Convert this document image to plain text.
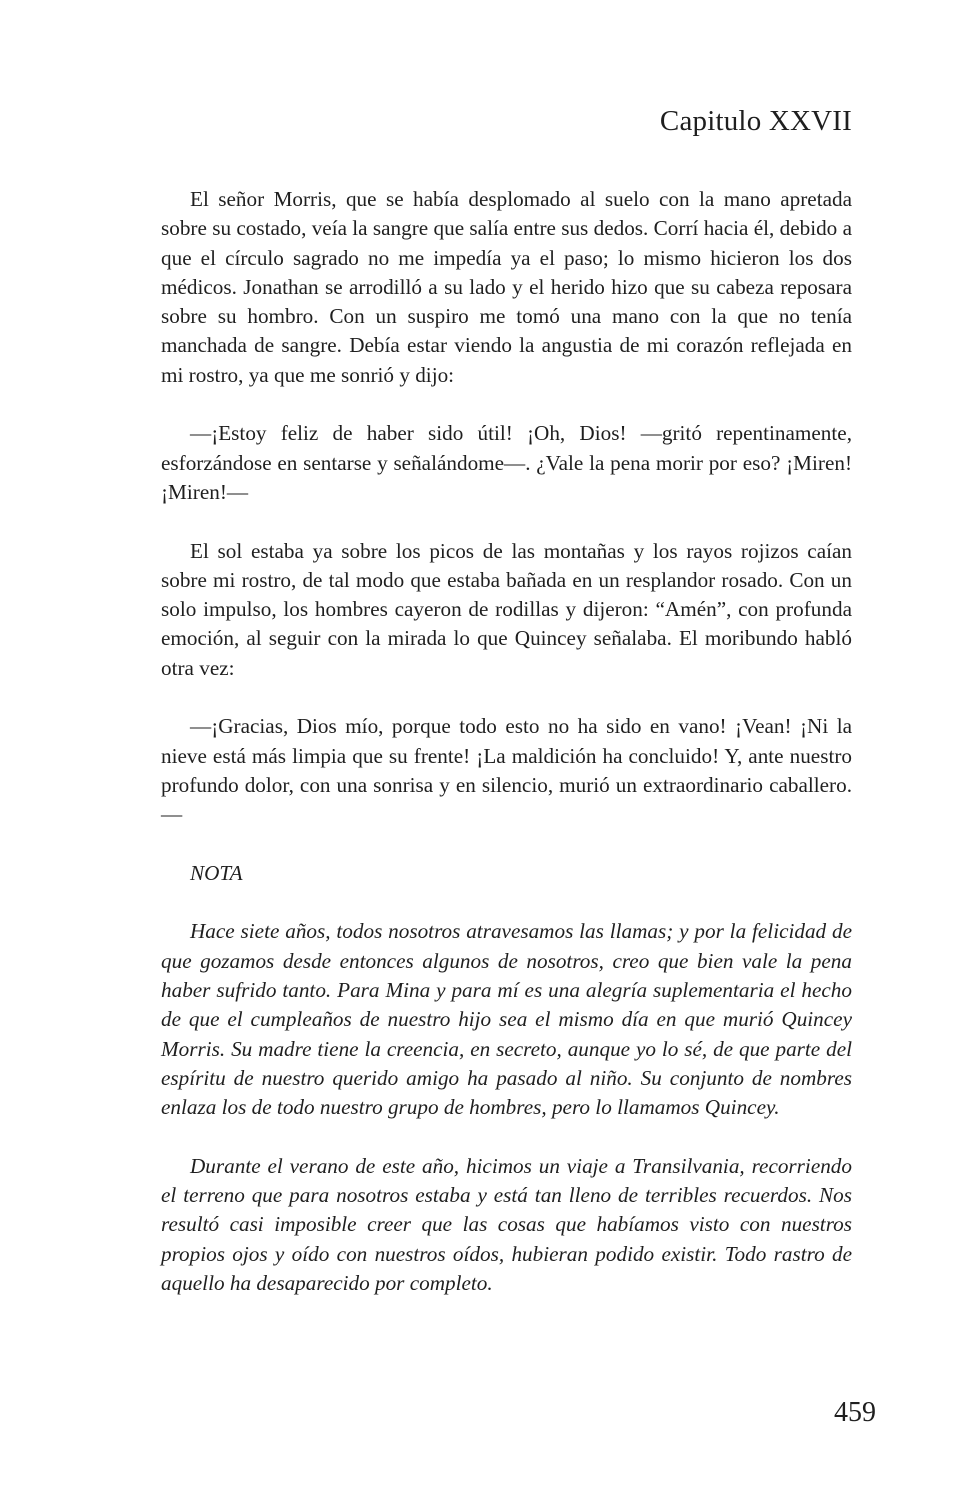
Capitulo XXVII

El señor Morris, que se había desplomado al suelo con la mano apretada sobre su costado, veía la sangre que salía entre sus dedos. Corrí hacia él, debido a que el círculo sagrado no me impedía ya el paso; lo mismo hicieron los dos médicos. Jonathan se arrodilló a su lado y el herido hizo que su cabeza reposara sobre su hombro. Con un suspiro me tomó una mano con la que no tenía manchada de sangre. Debía estar viendo la angustia de mi corazón reflejada en mi rostro, ya que me sonrió y dijo:

—¡Estoy feliz de haber sido útil! ¡Oh, Dios! —gritó repentinamente, esforzándose en sentarse y señalándome—. ¿Vale la pena morir por eso? ¡Miren! ¡Miren!—

El sol estaba ya sobre los picos de las montañas y los rayos rojizos caían sobre mi rostro, de tal modo que estaba bañada en un resplandor rosado. Con un solo impulso, los hombres cayeron de rodillas y dijeron: “Amén”, con profunda emoción, al seguir con la mirada lo que Quincey señalaba. El moribundo habló otra vez:

—¡Gracias, Dios mío, porque todo esto no ha sido en vano! ¡Vean! ¡Ni la nieve está más limpia que su frente! ¡La maldición ha concluido! Y, ante nuestro profundo dolor, con una sonrisa y en silencio, murió un extraordinario caballero.—

NOTA

Hace siete años, todos nosotros atravesamos las llamas; y por la felicidad de que gozamos desde entonces algunos de nosotros, creo que bien vale la pena haber sufrido tanto. Para Mina y para mí es una alegría suplementaria el hecho de que el cumpleaños de nuestro hijo sea el mismo día en que murió Quincey Morris. Su madre tiene la creencia, en secreto, aunque yo lo sé, de que parte del espíritu de nuestro querido amigo ha pasado al niño. Su conjunto de nombres enlaza los de todo nuestro grupo de hombres, pero lo llamamos Quincey.

Durante el verano de este año, hicimos un viaje a Transilvania, recorriendo el terreno que para nosotros estaba y está tan lleno de terribles recuerdos. Nos resultó casi imposible creer que las cosas que habíamos visto con nuestros propios ojos y oído con nuestros oídos, hubieran podido existir. Todo rastro de aquello ha desaparecido por completo.

459
